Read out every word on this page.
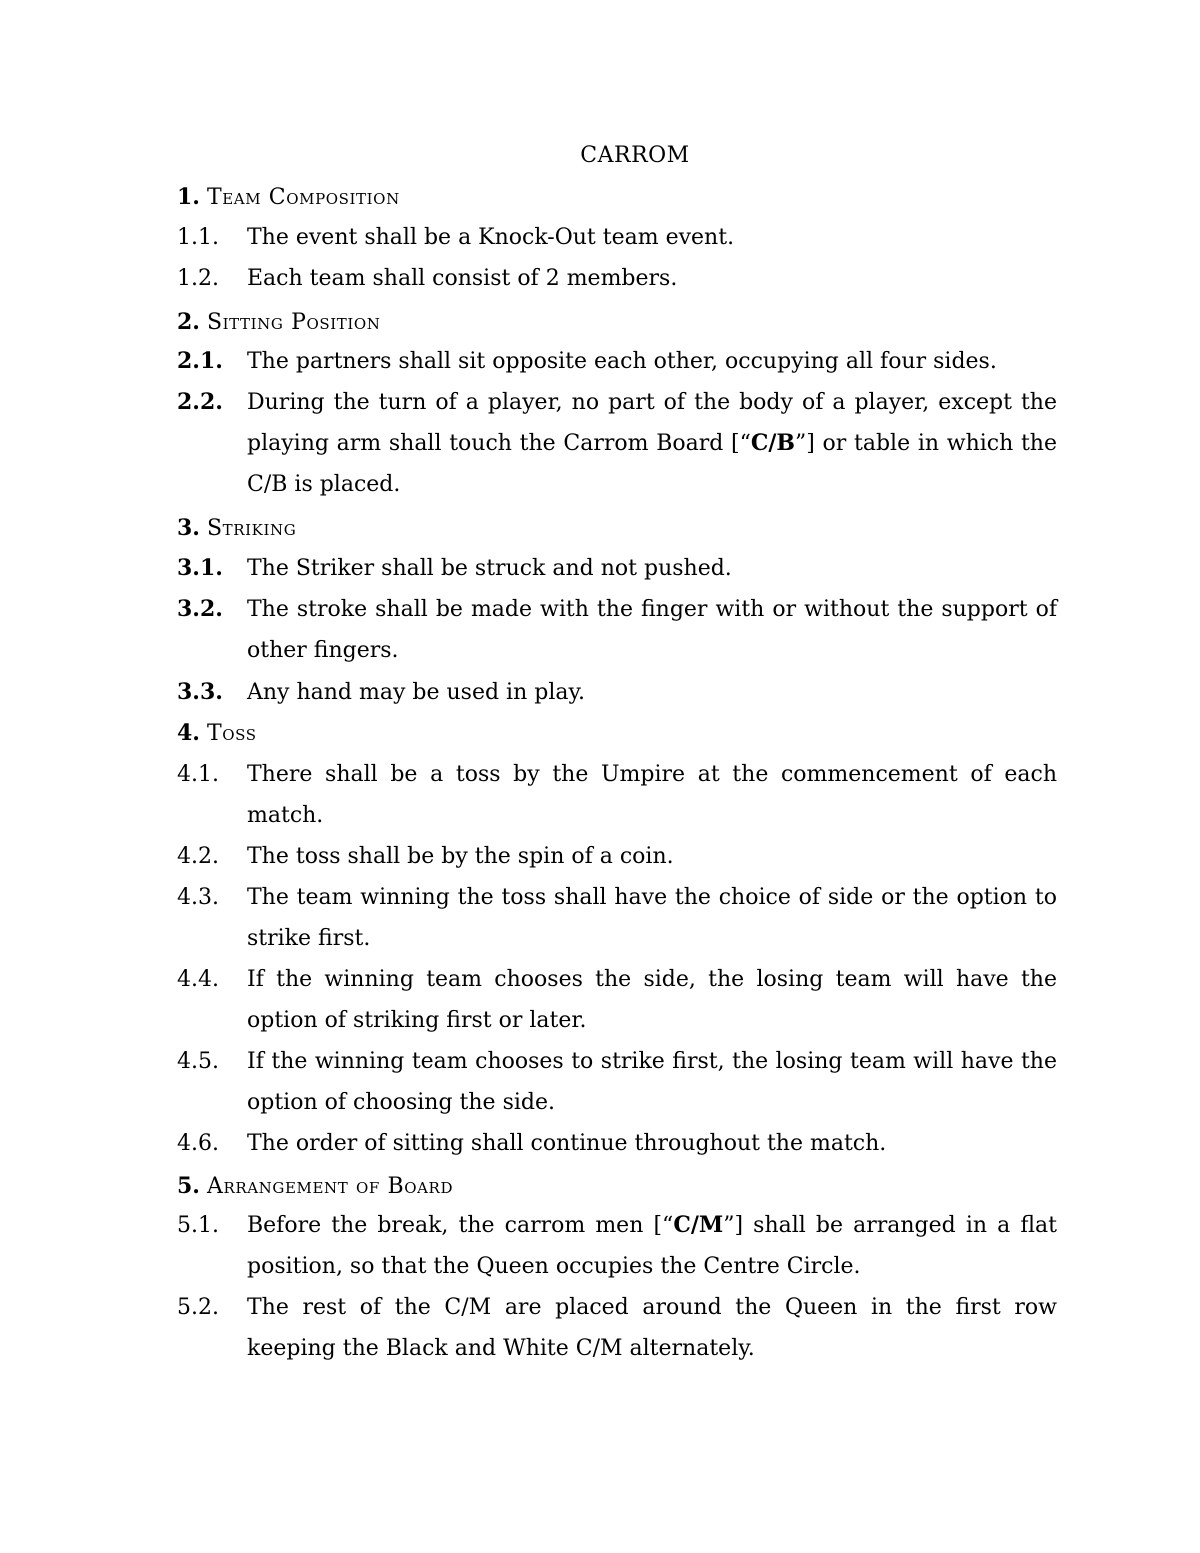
CARROM
1. Team Composition
1.1. The event shall be a Knock-Out team event.
1.2. Each team shall consist of 2 members.
2. Sitting Position
2.1. The partners shall sit opposite each other, occupying all four sides.
2.2. During the turn of a player, no part of the body of a player, except the playing arm shall touch the Carrom Board [“C/B”] or table in which the C/B is placed.
3. Striking
3.1. The Striker shall be struck and not pushed.
3.2. The stroke shall be made with the finger with or without the support of other fingers.
3.3. Any hand may be used in play.
4. Toss
4.1. There shall be a toss by the Umpire at the commencement of each match.
4.2. The toss shall be by the spin of a coin.
4.3. The team winning the toss shall have the choice of side or the option to strike first.
4.4. If the winning team chooses the side, the losing team will have the option of striking first or later.
4.5. If the winning team chooses to strike first, the losing team will have the option of choosing the side.
4.6. The order of sitting shall continue throughout the match.
5. Arrangement of Board
5.1. Before the break, the carrom men [“C/M”] shall be arranged in a flat position, so that the Queen occupies the Centre Circle.
5.2. The rest of the C/M are placed around the Queen in the first row keeping the Black and White C/M alternately.
